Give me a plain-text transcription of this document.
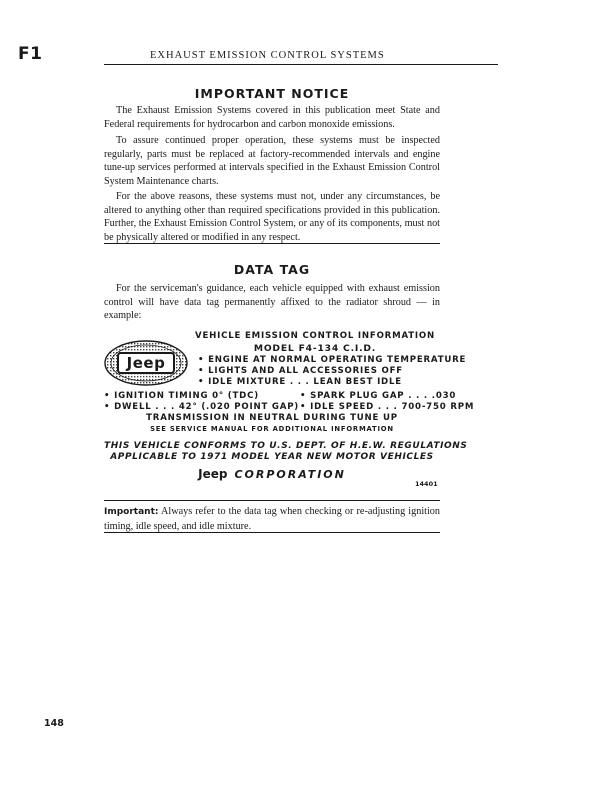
F1	EXHAUST EMISSION CONTROL SYSTEMS
IMPORTANT NOTICE
The Exhaust Emission Systems covered in this publication meet State and Federal requirements for hydrocarbon and carbon monoxide emissions.
To assure continued proper operation, these systems must be inspected regularly, parts must be replaced at factory-recommended intervals and engine tune-up services performed at intervals specified in the Exhaust Emission Control System Maintenance charts.
For the above reasons, these systems must not, under any circumstances, be altered to anything other than required specifications provided in this publication. Further, the Exhaust Emission Control System, or any of its components, must not be physically altered or modified in any respect.
DATA TAG
For the serviceman's guidance, each vehicle equipped with exhaust emission control will have data tag permanently affixed to the radiator shroud — in example:
Jeep
VEHICLE EMISSION CONTROL INFORMATION
MODEL F4-134 C.I.D.
• ENGINE AT NORMAL OPERATING TEMPERATURE
• LIGHTS AND ALL ACCESSORIES OFF
• IDLE MIXTURE . . . LEAN BEST IDLE
• IGNITION TIMING 0° (TDC)	• SPARK PLUG GAP . . . .030
• DWELL . . . 42° (.020 POINT GAP) • IDLE SPEED . . . 700-750 RPM
TRANSMISSION IN NEUTRAL DURING TUNE UP
SEE SERVICE MANUAL FOR ADDITIONAL INFORMATION
THIS VEHICLE CONFORMS TO U.S. DEPT. OF H.E.W. REGULATIONS
APPLICABLE TO 1971 MODEL YEAR NEW MOTOR VEHICLES
Jeep CORPORATION
14401
Important: Always refer to the data tag when checking or re-adjusting ignition timing, idle speed, and idle mixture.
148
